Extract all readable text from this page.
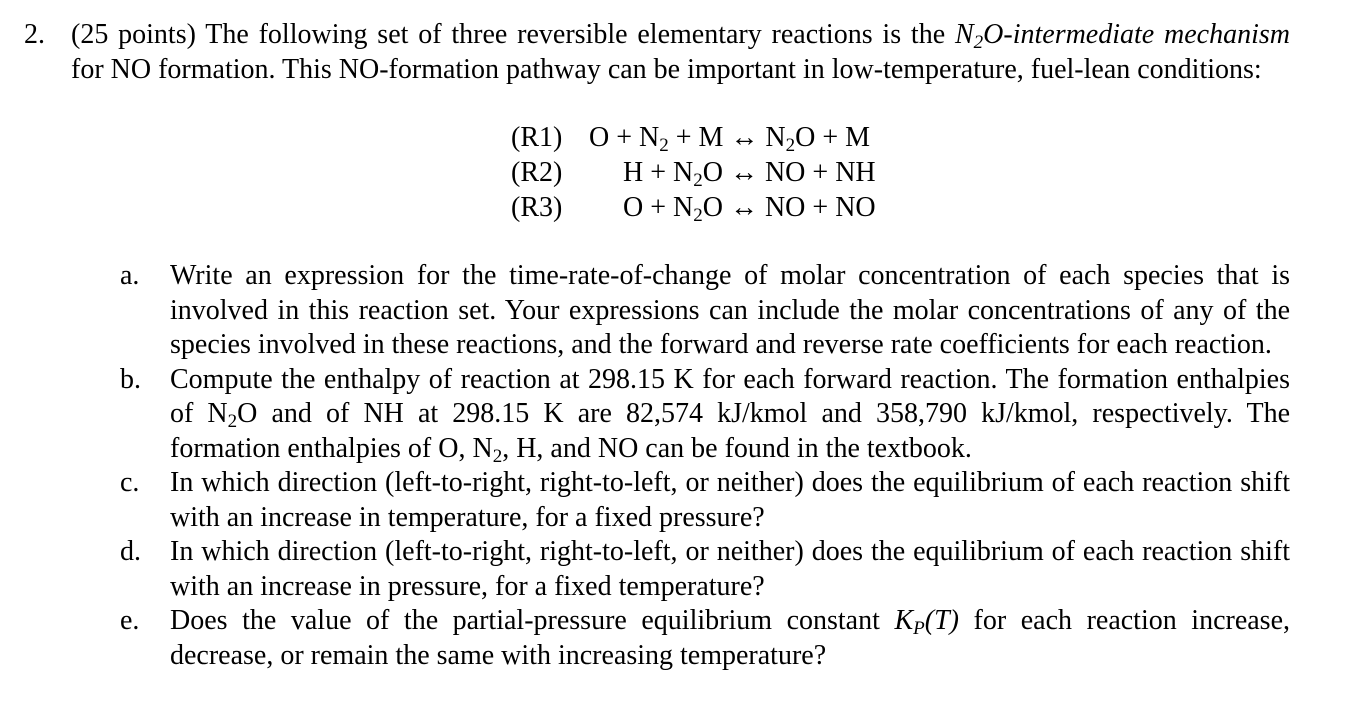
2. (25 points) The following set of three reversible elementary reactions is the $N_2O$-intermediate mechanism for NO formation. This NO-formation pathway can be important in low-temperature, fuel-lean conditions:
(R1) $O + N_2 + M$ ↔ $N_2O + M$
(R2) $H + N_2O$ ↔ NO + NH
(R3) $O + N_2O$ ↔ NO + NO
a. Write an expression for the time-rate-of-change of molar concentration of each species that is involved in this reaction set. Your expressions can include the molar concentrations of any of the species involved in these reactions, and the forward and reverse rate coefficients for each reaction.
b. Compute the enthalpy of reaction at 298.15 K for each forward reaction. The formation enthalpies of $N_2O$ and of NH at 298.15 K are 82,574 kJ/kmol and 358,790 kJ/kmol, respectively. The formation enthalpies of O, $N_2$, H, and NO can be found in the textbook.
c. In which direction (left-to-right, right-to-left, or neither) does the equilibrium of each reaction shift with an increase in temperature, for a fixed pressure?
d. In which direction (left-to-right, right-to-left, or neither) does the equilibrium of each reaction shift with an increase in pressure, for a fixed temperature?
e. Does the value of the partial-pressure equilibrium constant $K_P(T)$ for each reaction increase, decrease, or remain the same with increasing temperature?
